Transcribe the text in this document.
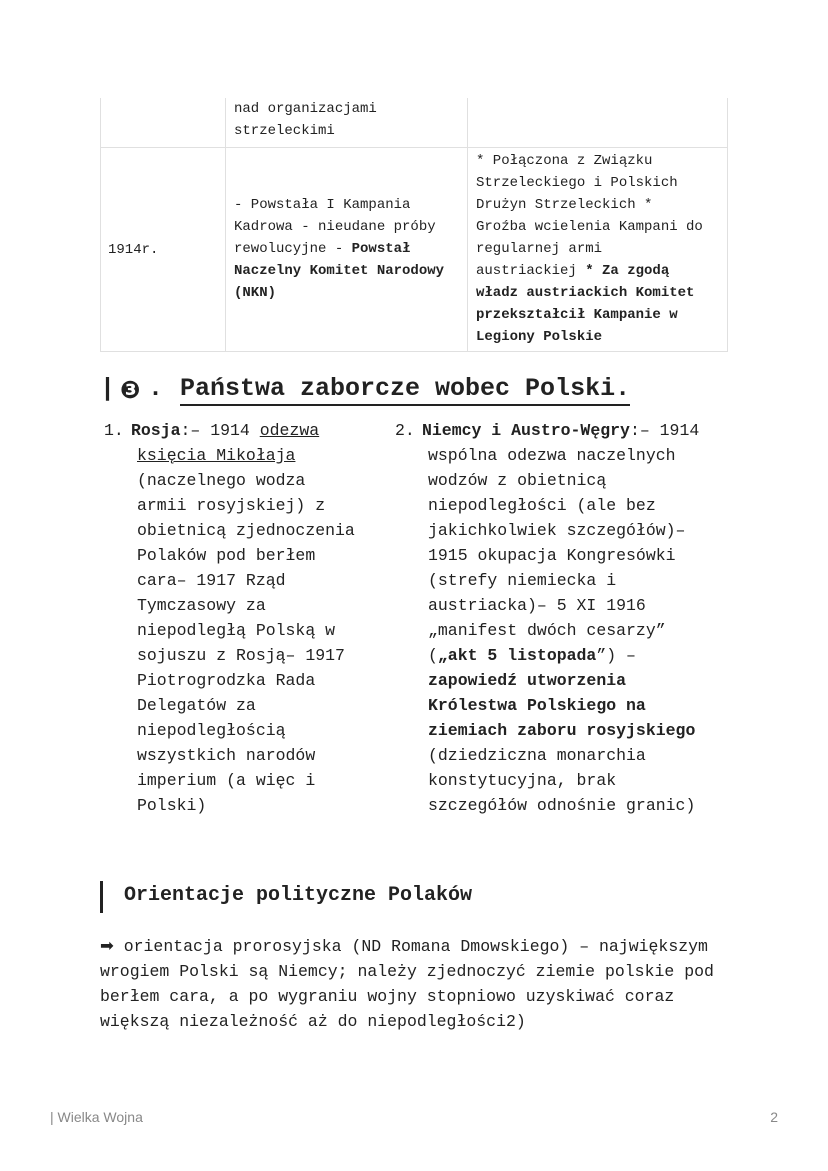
nad organizacjami
strzeleckimi
1914r.
- Powstała I Kampania
Kadrowa - nieudane próby
rewolucyjne - Powstał
Naczelny Komitet Narodowy
(NKN)
* Połączona z Związku
Strzeleckiego i Polskich
Drużyn Strzeleckich *
Groźba wcielenia Kampani do
regularnej armi
austriackiej * Za zgodą
władz austriackich Komitet
przekształcił Kampanie w
Legiony Polskie
| ❸ . Państwa zaborcze wobec Polski.
1. Rosja:– 1914 odezwa
księcia Mikołaja
(naczelnego wodza
armii rosyjskiej) z
obietnicą zjednoczenia
Polaków pod berłem
cara– 1917 Rząd
Tymczasowy za
niepodległą Polską w
sojuszu z Rosją– 1917
Piotrogrodzka Rada
Delegatów za
niepodległością
wszystkich narodów
imperium (a więc i
Polski)
2. Niemcy i Austro-Węgry:– 1914
wspólna odezwa naczelnych
wodzów z obietnicą
niepodległości (ale bez
jakichkolwiek szczegółów)–
1915 okupacja Kongresówki
(strefy niemiecka i
austriacka)– 5 XI 1916
„manifest dwóch cesarzy”
(„akt 5 listopada”) –
zapowiedź utworzenia
Królestwa Polskiego na
ziemiach zaboru rosyjskiego
(dziedziczna monarchia
konstytucyjna, brak
szczegółów odnośnie granic)
Orientacje polityczne Polaków
➡ orientacja prorosyjska (ND Romana Dmowskiego) – największym
wrogiem Polski są Niemcy; należy zjednoczyć ziemie polskie pod
berłem cara, a po wygraniu wojny stopniowo uzyskiwać coraz
większą niezależność aż do niepodległości2)
| Wielka Wojna	2
